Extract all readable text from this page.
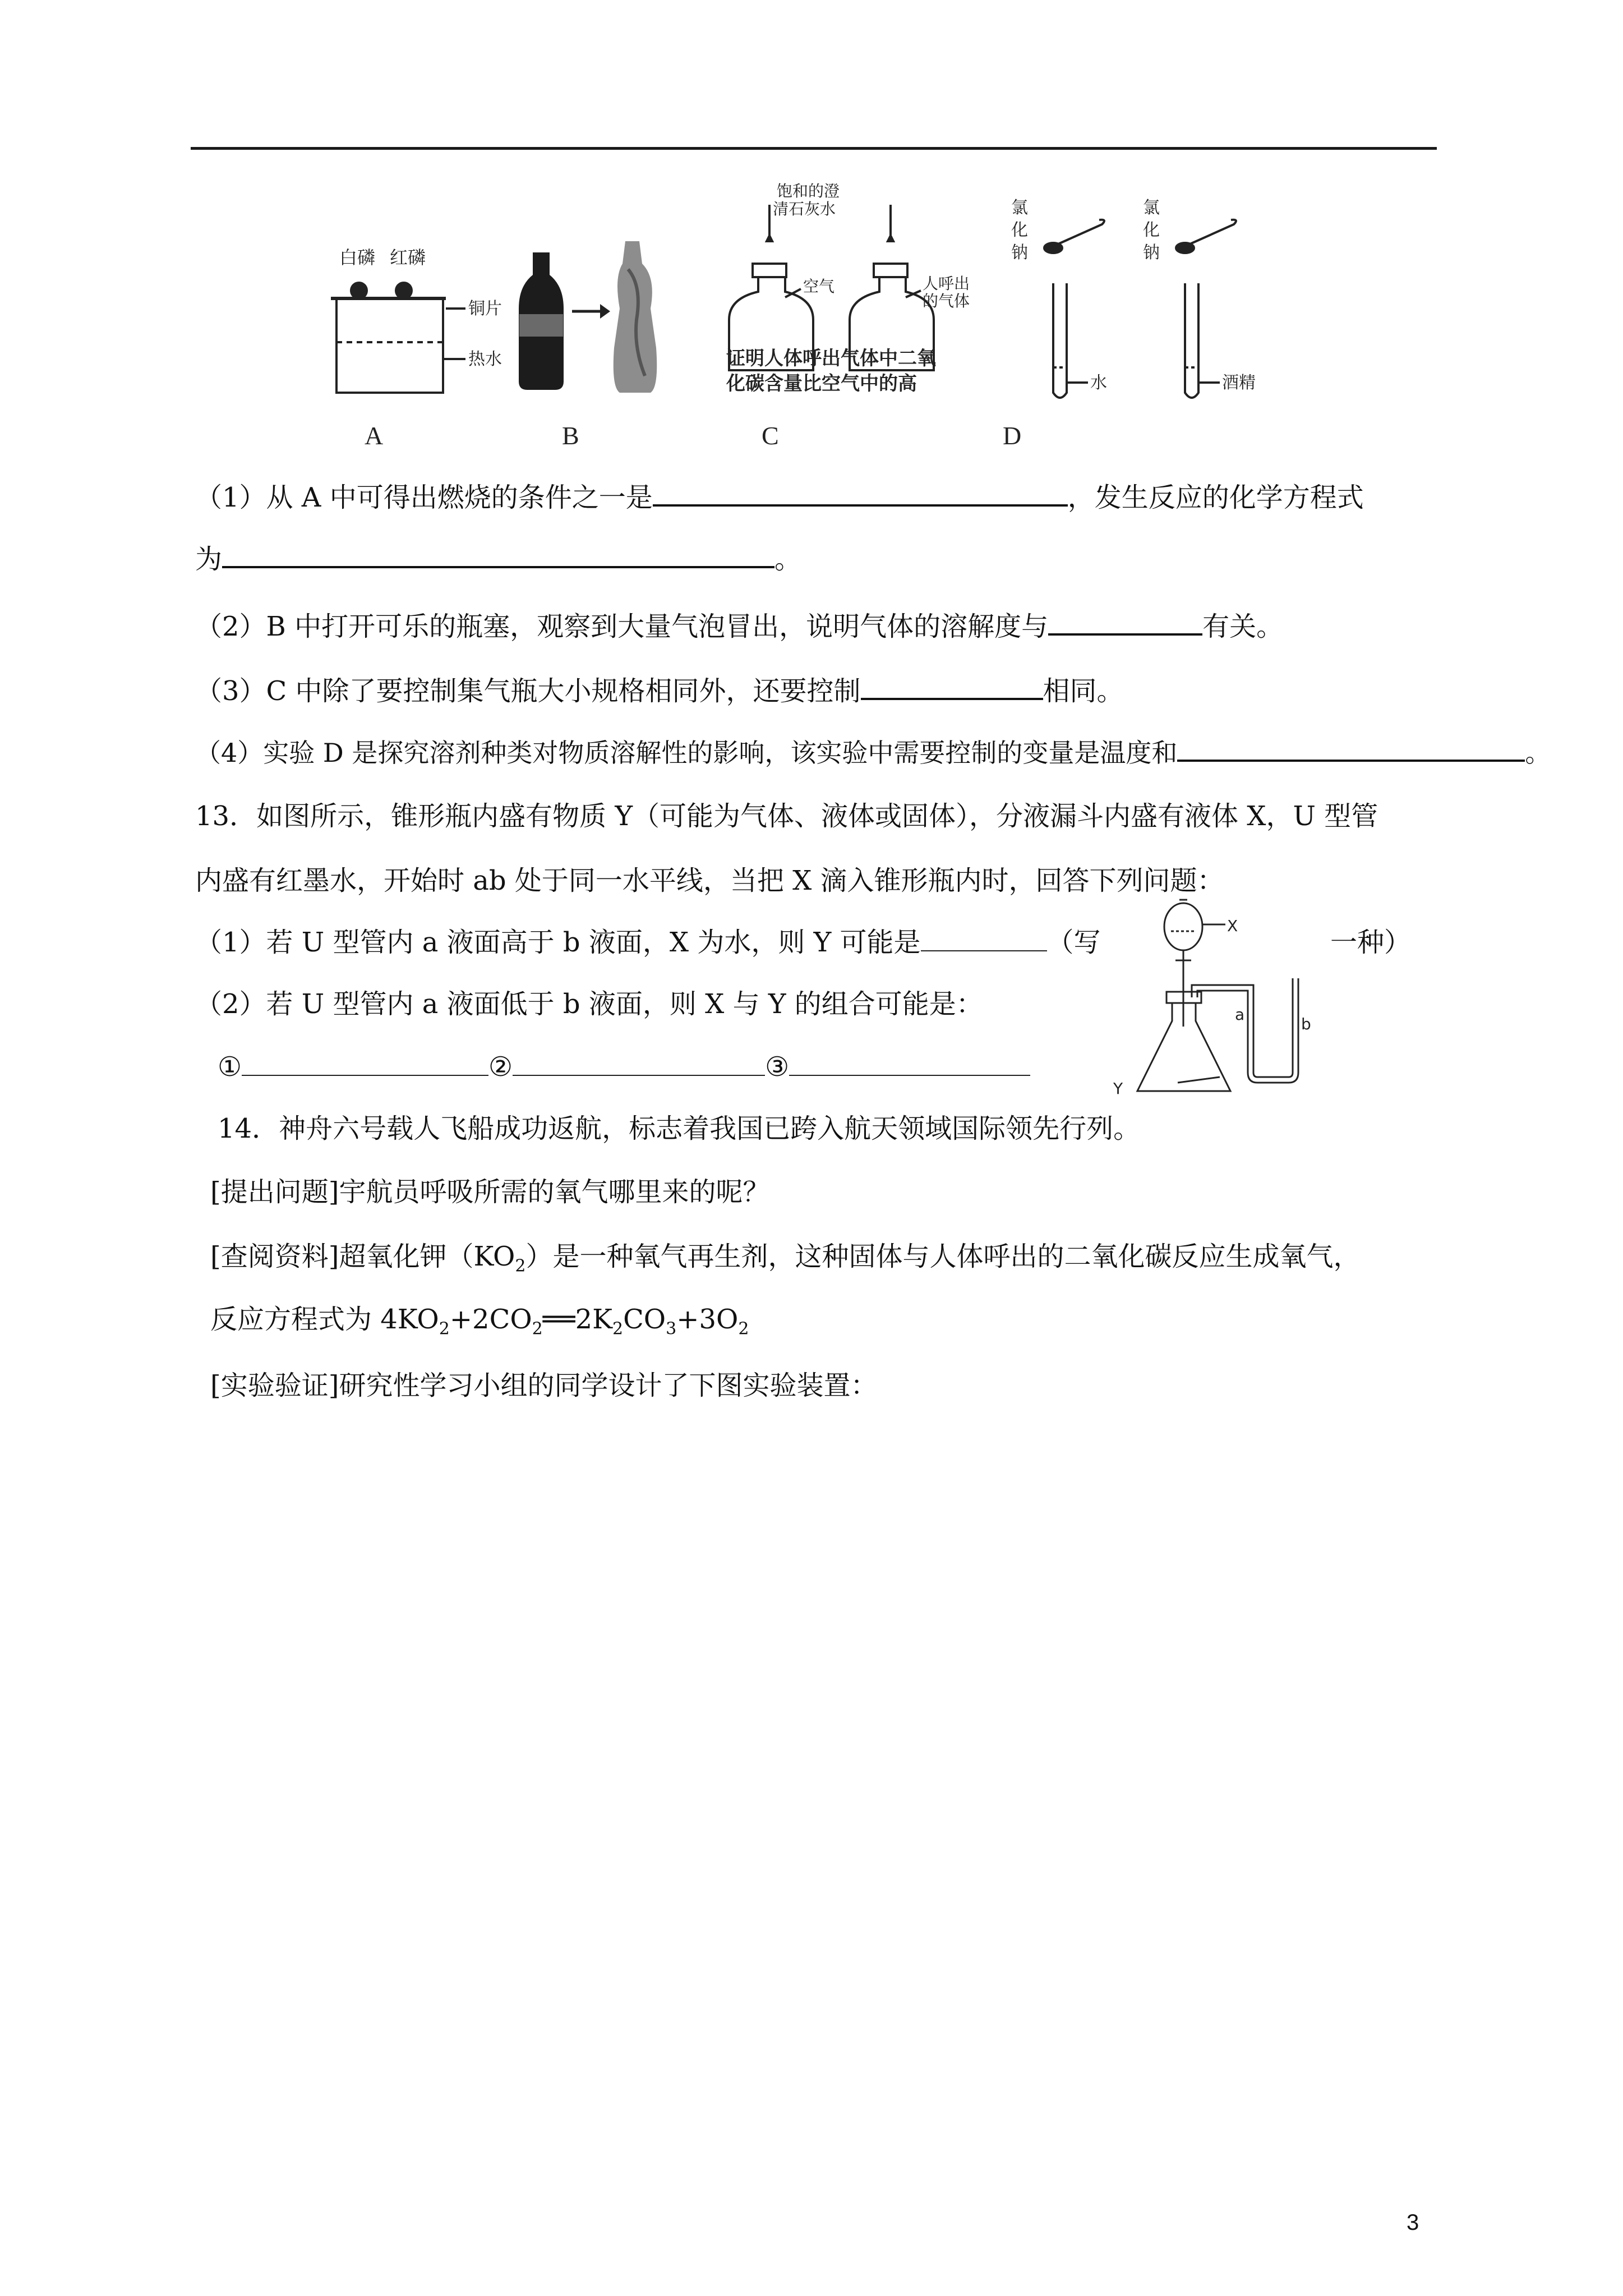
白磷 红磷
铜片
热水
饱和的澄
清石灰水
空气	人呼出
的气体
证明人体呼出气体中二氧
化碳含量比空气中的高
氯
化
钠
水
氯
化
钠
酒精
A	B	C	D
（1）从 A 中可得出燃烧的条件之一是	，发生反应的化学方程式
为	。
（2）B 中打开可乐的瓶塞，观察到大量气泡冒出，说明气体的溶解度与	有关。
（3）C 中除了要控制集气瓶大小规格相同外，还要控制	相同。
（4）实验 D 是探究溶剂种类对物质溶解性的影响，该实验中需要控制的变量是温度和	。
13．如图所示，锥形瓶内盛有物质 Y（可能为气体、液体或固体），分液漏斗内盛有液体 X，U 型管
内盛有红墨水，开始时 ab 处于同一水平线，当把 X 滴入锥形瓶内时，回答下列问题：
（1）若 U 型管内 a 液面高于 b 液面，X 为水，则 Y 可能是	（写	一种）
（2）若 U 型管内 a 液面低于 b 液面，则 X 与 Y 的组合可能是：
①	②	③
X
a
b
Y
14．神舟六号载人飞船成功返航，标志着我国已跨入航天领域国际领先行列。
[提出问题]宇航员呼吸所需的氧气哪里来的呢？
[查阅资料]超氧化钾$(KO_2)$是一种氧气再生剂，这种固体与人体呼出的二氧化碳反应生成氧气，
反应方程式为 $4KO_2+2CO_2══2K_2CO_3+3O_2$
[实验验证]研究性学习小组的同学设计了下图实验装置：
3
